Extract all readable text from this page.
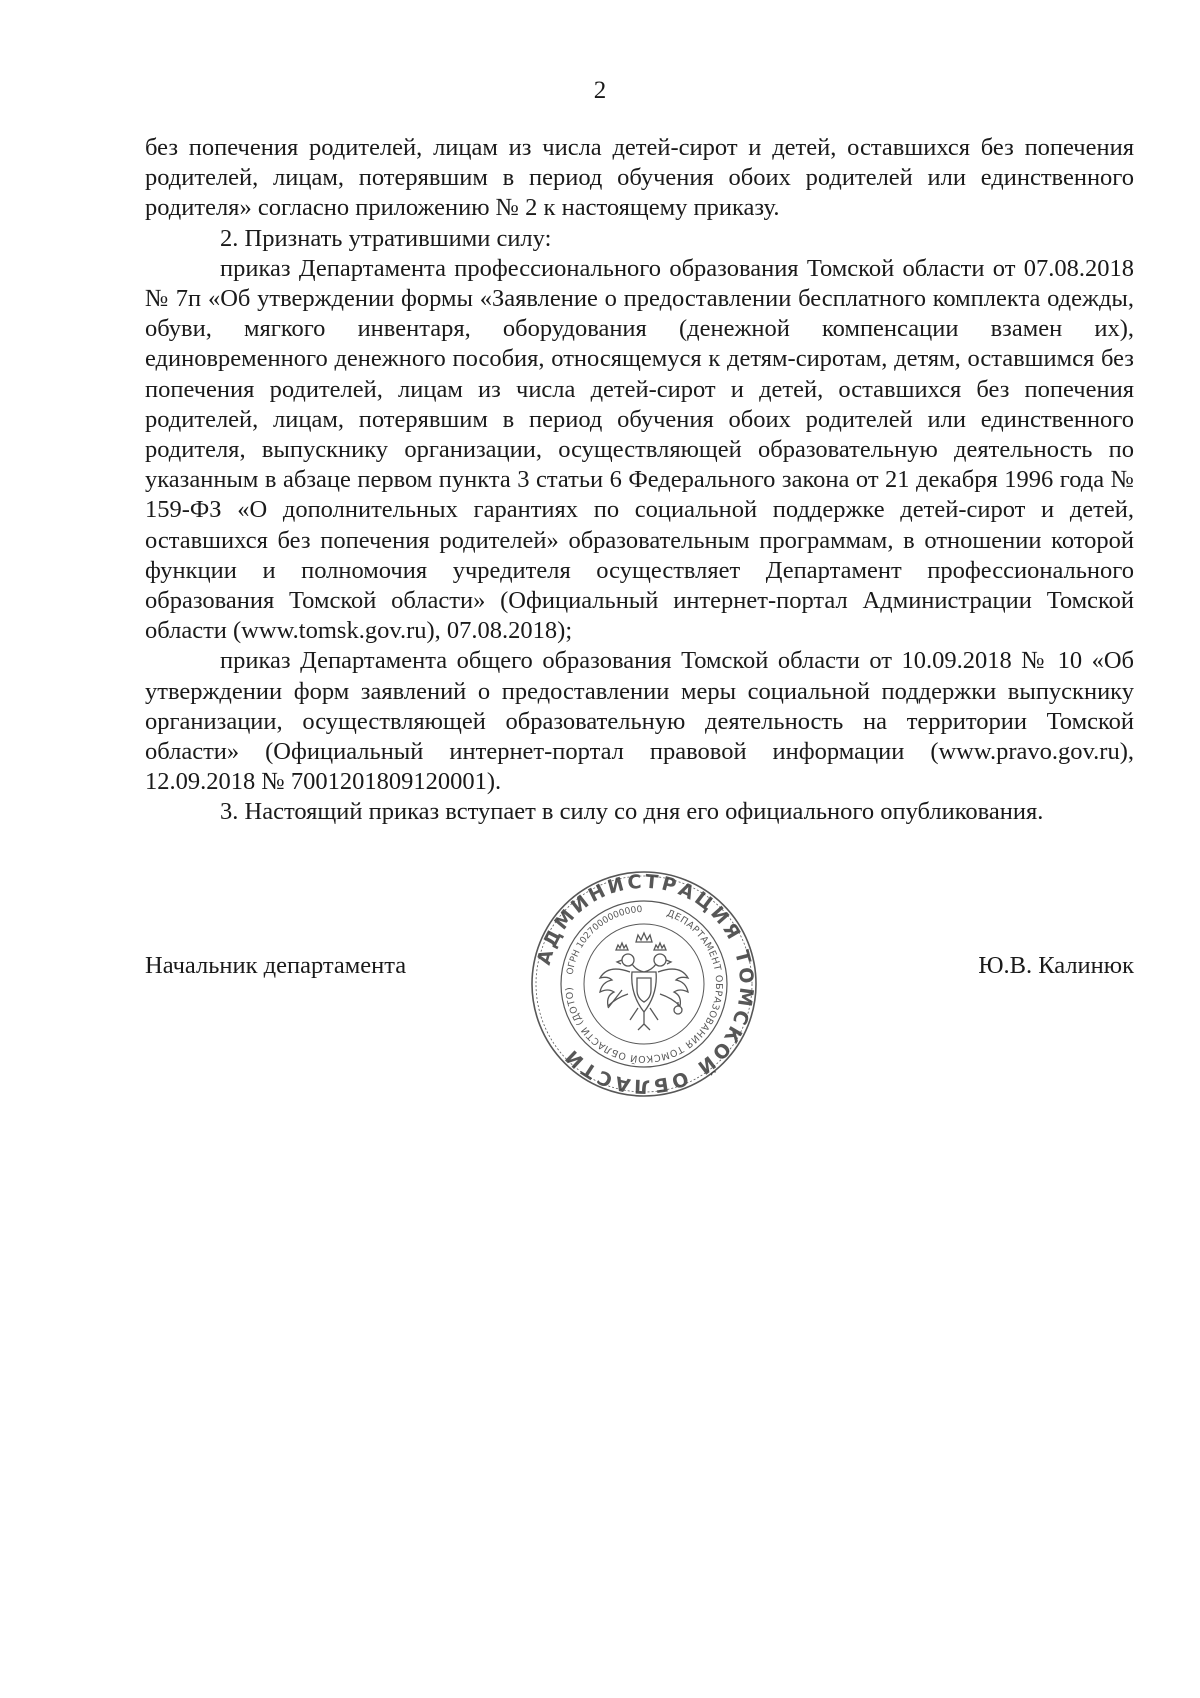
2

без попечения родителей, лицам из числа детей-сирот и детей, оставшихся без попечения родителей, лицам, потерявшим в период обучения обоих родителей или единственного родителя» согласно приложению № 2 к настоящему приказу.

2. Признать утратившими силу:

приказ Департамента профессионального образования Томской области от 07.08.2018 № 7п «Об утверждении формы «Заявление о предоставлении бесплатного комплекта одежды, обуви, мягкого инвентаря, оборудования (денежной компенсации взамен их), единовременного денежного пособия, относящемуся к детям-сиротам, детям, оставшимся без попечения родителей, лицам из числа детей-сирот и детей, оставшихся без попечения родителей, лицам, потерявшим в период обучения обоих родителей или единственного родителя, выпускнику организации, осуществляющей образовательную деятельность по указанным в абзаце первом пункта 3 статьи 6 Федерального закона от 21 декабря 1996 года № 159-ФЗ «О дополнительных гарантиях по социальной поддержке детей-сирот и детей, оставшихся без попечения родителей» образовательным программам, в отношении которой функции и полномочия учредителя осуществляет Департамент профессионального образования Томской области» (Официальный интернет-портал Администрации Томской области (www.tomsk.gov.ru), 07.08.2018);

приказ Департамента общего образования Томской области от 10.09.2018 № 10 «Об утверждении форм заявлений о предоставлении меры социальной поддержки выпускнику организации, осуществляющей образовательную деятельность на территории Томской области» (Официальный интернет-портал правовой информации (www.pravo.gov.ru), 12.09.2018 № 7001201809120001).

3. Настоящий приказ вступает в силу со дня его официального опубликования.

Начальник департамента	Ю.В. Калинюк
АДМИНИСТРАЦИЯ ТОМСКОЙ ОБЛАСТИ
ДЕПАРТАМЕНТ ОБРАЗОВАНИЯ ТОМСКОЙ ОБЛАСТИ (ДОТО)
ОГРН 1027000000000
